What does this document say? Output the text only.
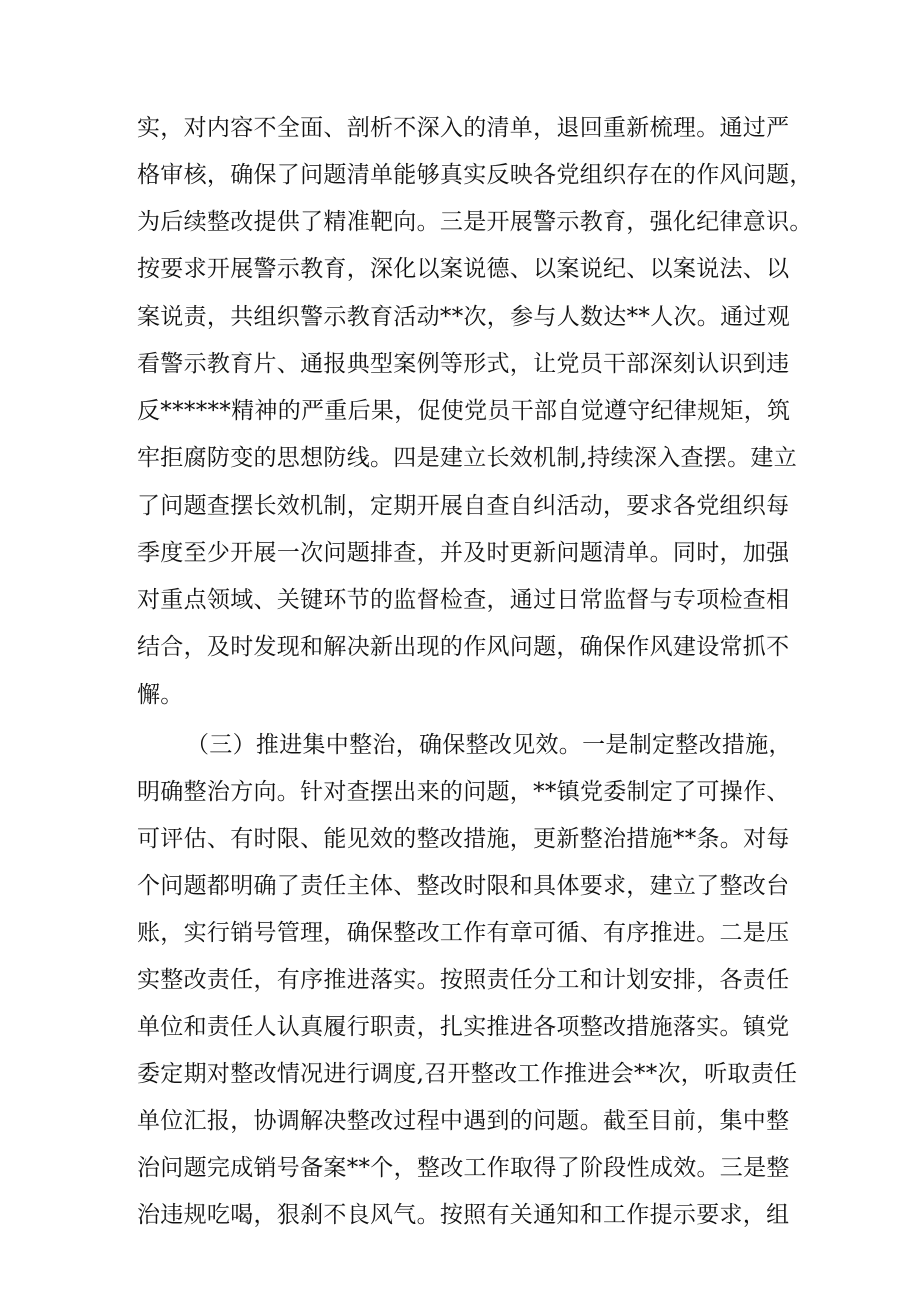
实，对内容不全面、剖析不深入的清单，退回重新梳理。通过严
格审核，确保了问题清单能够真实反映各党组织存在的作风问题，
为后续整改提供了精准靶向。三是开展警示教育，强化纪律意识。
按要求开展警示教育，深化以案说德、以案说纪、以案说法、以
案说责，共组织警示教育活动**次，参与人数达**人次。通过观
看警示教育片、通报典型案例等形式，让党员干部深刻认识到违
反******精神的严重后果，促使党员干部自觉遵守纪律规矩，筑
牢拒腐防变的思想防线。四是建立长效机制,持续深入查摆。建立
了问题查摆长效机制，定期开展自查自纠活动，要求各党组织每
季度至少开展一次问题排查，并及时更新问题清单。同时，加强
对重点领域、关键环节的监督检查，通过日常监督与专项检查相
结合，及时发现和解决新出现的作风问题，确保作风建设常抓不
懈。
（三）推进集中整治，确保整改见效。一是制定整改措施，
明确整治方向。针对查摆出来的问题，**镇党委制定了可操作、
可评估、有时限、能见效的整改措施，更新整治措施**条。对每
个问题都明确了责任主体、整改时限和具体要求，建立了整改台
账，实行销号管理，确保整改工作有章可循、有序推进。二是压
实整改责任，有序推进落实。按照责任分工和计划安排，各责任
单位和责任人认真履行职责，扎实推进各项整改措施落实。镇党
委定期对整改情况进行调度,召开整改工作推进会**次，听取责任
单位汇报，协调解决整改过程中遇到的问题。截至目前，集中整
治问题完成销号备案**个，整改工作取得了阶段性成效。三是整
治违规吃喝，狠刹不良风气。按照有关通知和工作提示要求，组
